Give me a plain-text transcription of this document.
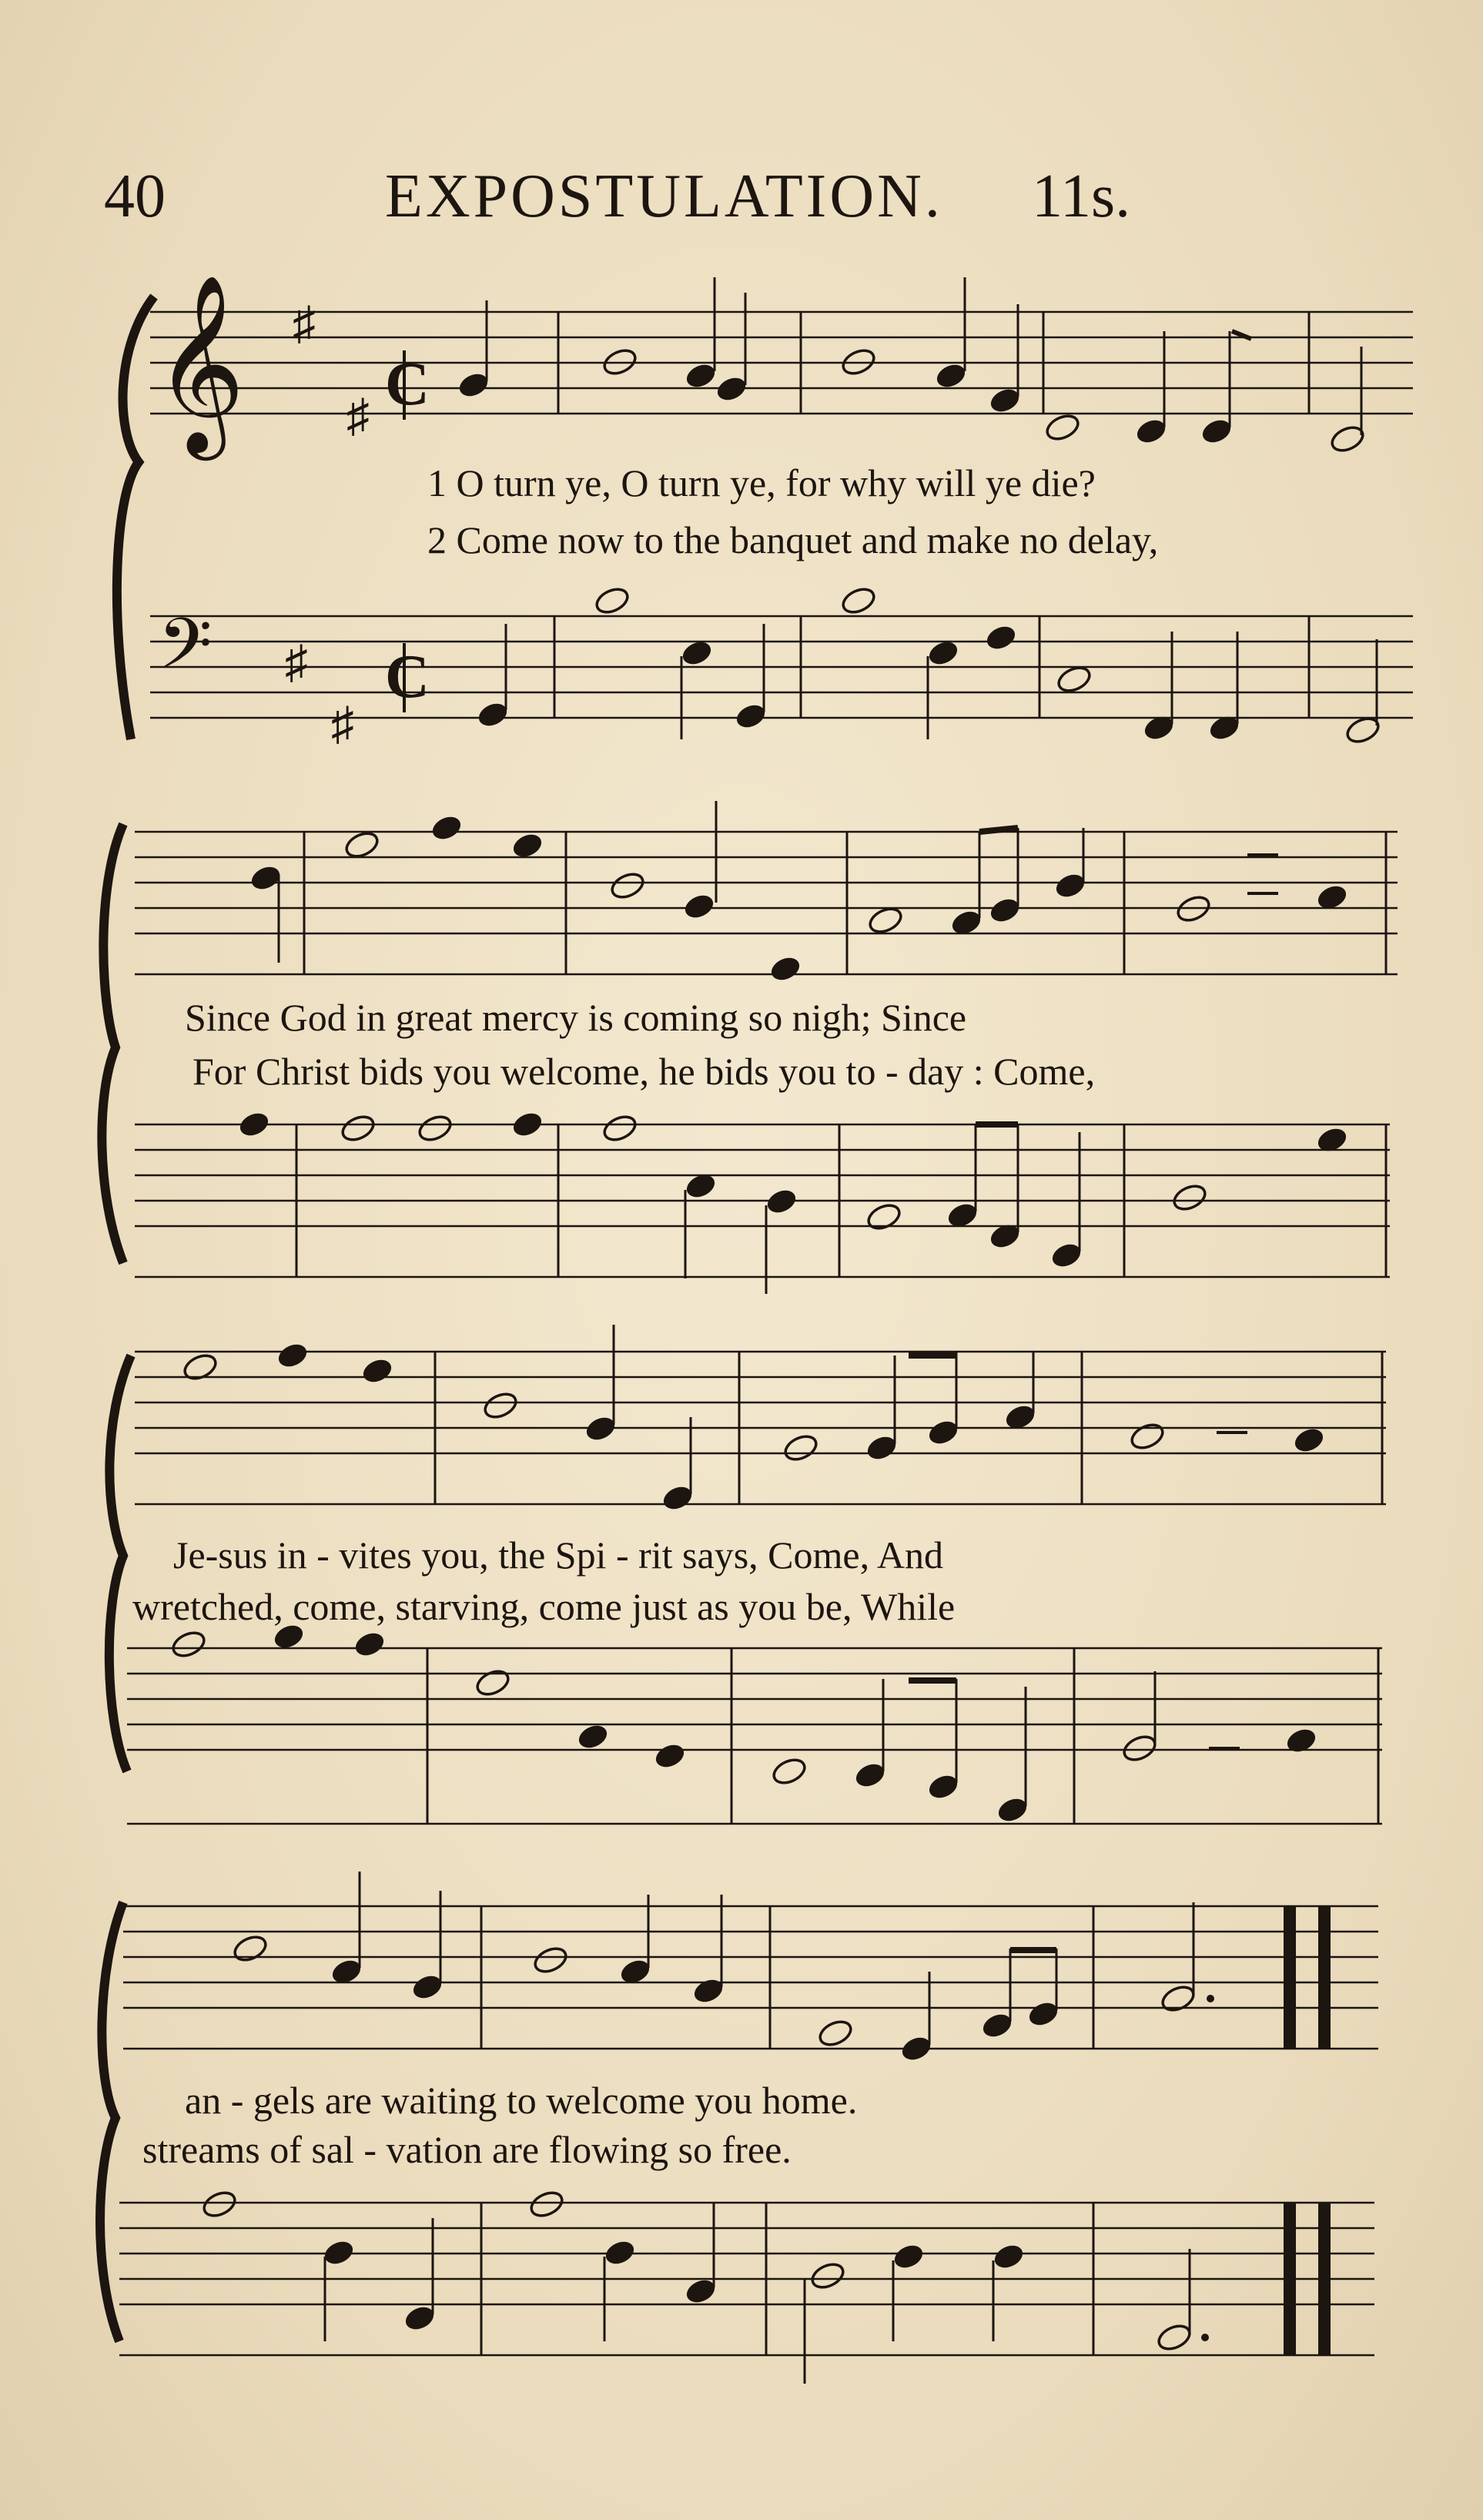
40	EXPOSTULATION. 11s.
𝄞 ♯
♯ C
𝄢 ♯
♯
C
1 O turn ye, O turn ye, for why will ye die?
2 Come now to the banquet and make no delay,
Since God in great mercy is coming so nigh; Since
For Christ bids you welcome, he bids you to - day : Come,
Je-sus in - vites you, the Spi - rit says, Come, And
wretched, come, starving, come just as you be, While
an - gels are waiting to welcome you home.
streams of sal - vation are flowing so free.
